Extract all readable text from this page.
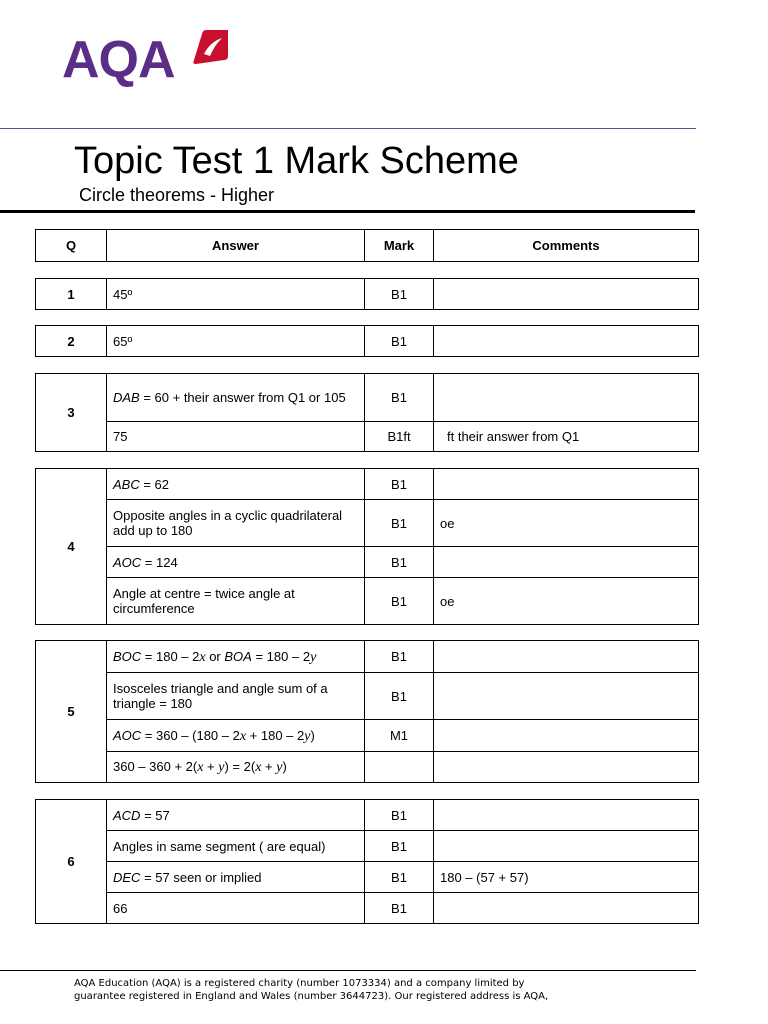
AQA
Topic Test 1 Mark Scheme
Circle theorems - Higher
Q	Answer	Mark	Comments
1	45º	B1	
2	65º	B1	
3	DAB = 60 + their answer from Q1 or 105	B1	
	75	B1ft	ft their answer from Q1
4	ABC = 62	B1	
	Opposite angles in a cyclic quadrilateral add up to 180	B1	oe
	AOC = 124	B1	
	Angle at centre = twice angle at circumference	B1	oe
5	BOC = 180 – 2x or BOA = 180 – 2y	B1	
	Isosceles triangle and angle sum of a triangle = 180	B1	
	AOC = 360 – (180 – 2x + 180 – 2y)	M1	
	360 – 360 + 2(x + y) = 2(x + y)		
6	ACD = 57	B1	
	Angles in same segment ( are equal)	B1	
	DEC = 57 seen or implied	B1	180 – (57 + 57)
	66	B1	
AQA Education (AQA) is a registered charity (number 1073334) and a company limited by
guarantee registered in England and Wales (number 3644723). Our registered address is AQA,
